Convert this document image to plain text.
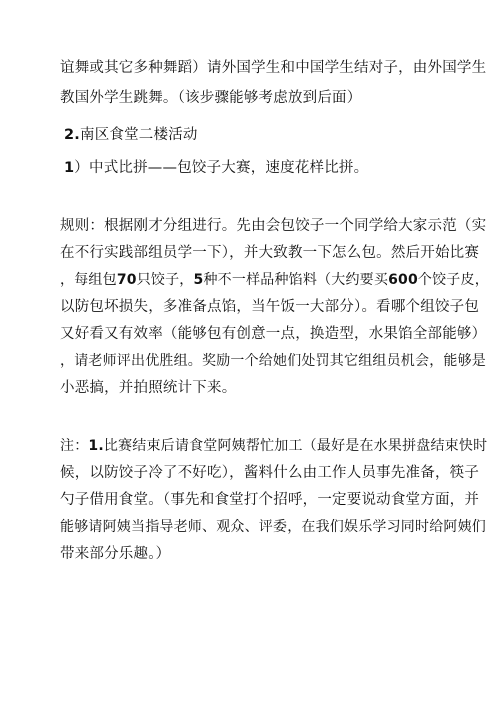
谊舞或其它多种舞蹈）请外国学生和中国学生结对子，由外国学生
教国外学生跳舞。（该步骤能够考虑放到后面）
2.南区食堂二楼活动
1）中式比拼——包饺子大赛，速度花样比拼。
规则：根据刚才分组进行。先由会包饺子一个同学给大家示范（实
在不行实践部组员学一下），并大致教一下怎么包。然后开始比赛
，每组包70只饺子，5种不一样品种馅料（大约要买600个饺子皮，
以防包坏损失，多准备点馅，当午饭一大部分）。看哪个组饺子包
又好看又有效率（能够包有创意一点，换造型，水果馅全部能够）
，请老师评出优胜组。奖励一个给她们处罚其它组组员机会，能够是
小恶搞，并拍照统计下来。
注：1.比赛结束后请食堂阿姨帮忙加工（最好是在水果拼盘结束快时
候，以防饺子冷了不好吃），酱料什么由工作人员事先准备，筷子
勺子借用食堂。（事先和食堂打个招呼，一定要说动食堂方面，并
能够请阿姨当指导老师、观众、评委，在我们娱乐学习同时给阿姨们
带来部分乐趣。）
